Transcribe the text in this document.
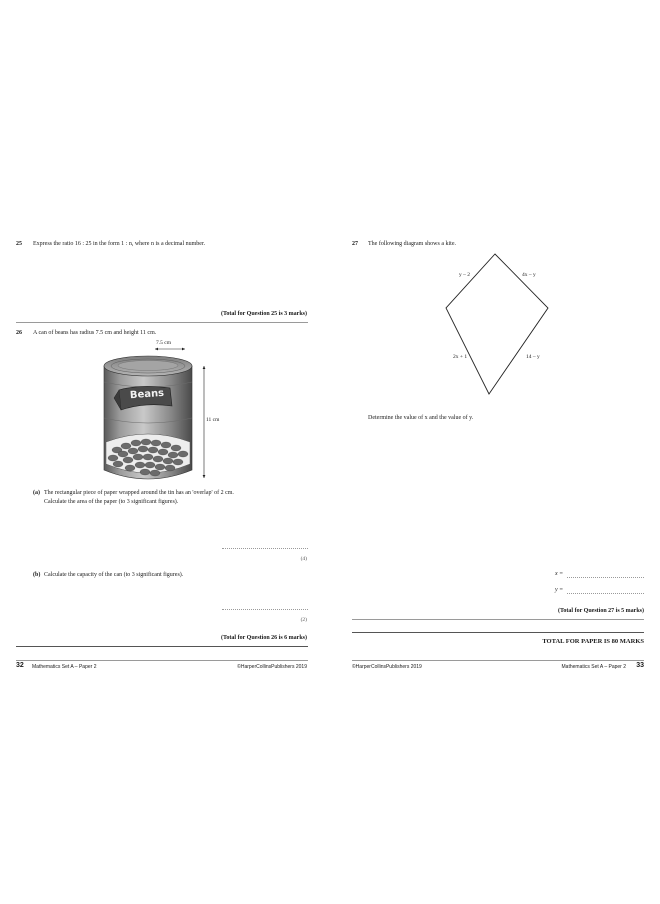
25 Express the ratio 16 : 25 in the form 1 : n, where n is a decimal number.
(Total for Question 25 is 3 marks)
26 A can of beans has radius 7.5 cm and height 11 cm.
Beans
7.5 cm
11 cm
(a) The rectangular piece of paper wrapped around the tin has an 'overlap' of 2 cm.
Calculate the area of the paper (to 3 significant figures).
(4)
(b) Calculate the capacity of the can (to 3 significant figures).
(2)
(Total for Question 26 is 6 marks)
32 Mathematics Set A – Paper 2	©HarperCollinsPublishers 2019
27 The following diagram shows a kite.
y – 2	4x – y
2x + 1	14 – y
Determine the value of x and the value of y.
x =
y =
(Total for Question 27 is 5 marks)
TOTAL FOR PAPER IS 80 MARKS
©HarperCollinsPublishers 2019	Mathematics Set A – Paper 2 33
